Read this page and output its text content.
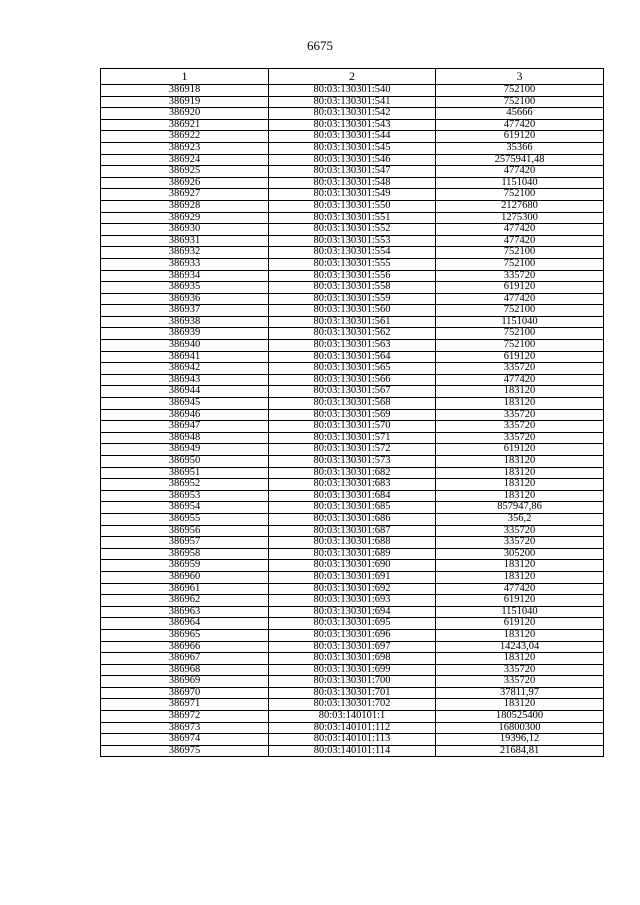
6675
1	2	3
386918	80:03:130301:540	752100
386919	80:03:130301:541	752100
386920	80:03:130301:542	45666
386921	80:03:130301:543	477420
386922	80:03:130301:544	619120
386923	80:03:130301:545	35366
386924	80:03:130301:546	2575941,48
386925	80:03:130301:547	477420
386926	80:03:130301:548	1151040
386927	80:03:130301:549	752100
386928	80:03:130301:550	2127680
386929	80:03:130301:551	1275300
386930	80:03:130301:552	477420
386931	80:03:130301:553	477420
386932	80:03:130301:554	752100
386933	80:03:130301:555	752100
386934	80:03:130301:556	335720
386935	80:03:130301:558	619120
386936	80:03:130301:559	477420
386937	80:03:130301:560	752100
386938	80:03:130301:561	1151040
386939	80:03:130301:562	752100
386940	80:03:130301:563	752100
386941	80:03:130301:564	619120
386942	80:03:130301:565	335720
386943	80:03:130301:566	477420
386944	80:03:130301:567	183120
386945	80:03:130301:568	183120
386946	80:03:130301:569	335720
386947	80:03:130301:570	335720
386948	80:03:130301:571	335720
386949	80:03:130301:572	619120
386950	80:03:130301:573	183120
386951	80:03:130301:682	183120
386952	80:03:130301:683	183120
386953	80:03:130301:684	183120
386954	80:03:130301:685	857947,86
386955	80:03:130301:686	356,2
386956	80:03:130301:687	335720
386957	80:03:130301:688	335720
386958	80:03:130301:689	305200
386959	80:03:130301:690	183120
386960	80:03:130301:691	183120
386961	80:03:130301:692	477420
386962	80:03:130301:693	619120
386963	80:03:130301:694	1151040
386964	80:03:130301:695	619120
386965	80:03:130301:696	183120
386966	80:03:130301:697	14243,04
386967	80:03:130301:698	183120
386968	80:03:130301:699	335720
386969	80:03:130301:700	335720
386970	80:03:130301:701	37811,97
386971	80:03:130301:702	183120
386972	80:03:140101:1	180525400
386973	80:03:140101:112	16800300
386974	80:03:140101:113	19396,12
386975	80:03:140101:114	21684,81
